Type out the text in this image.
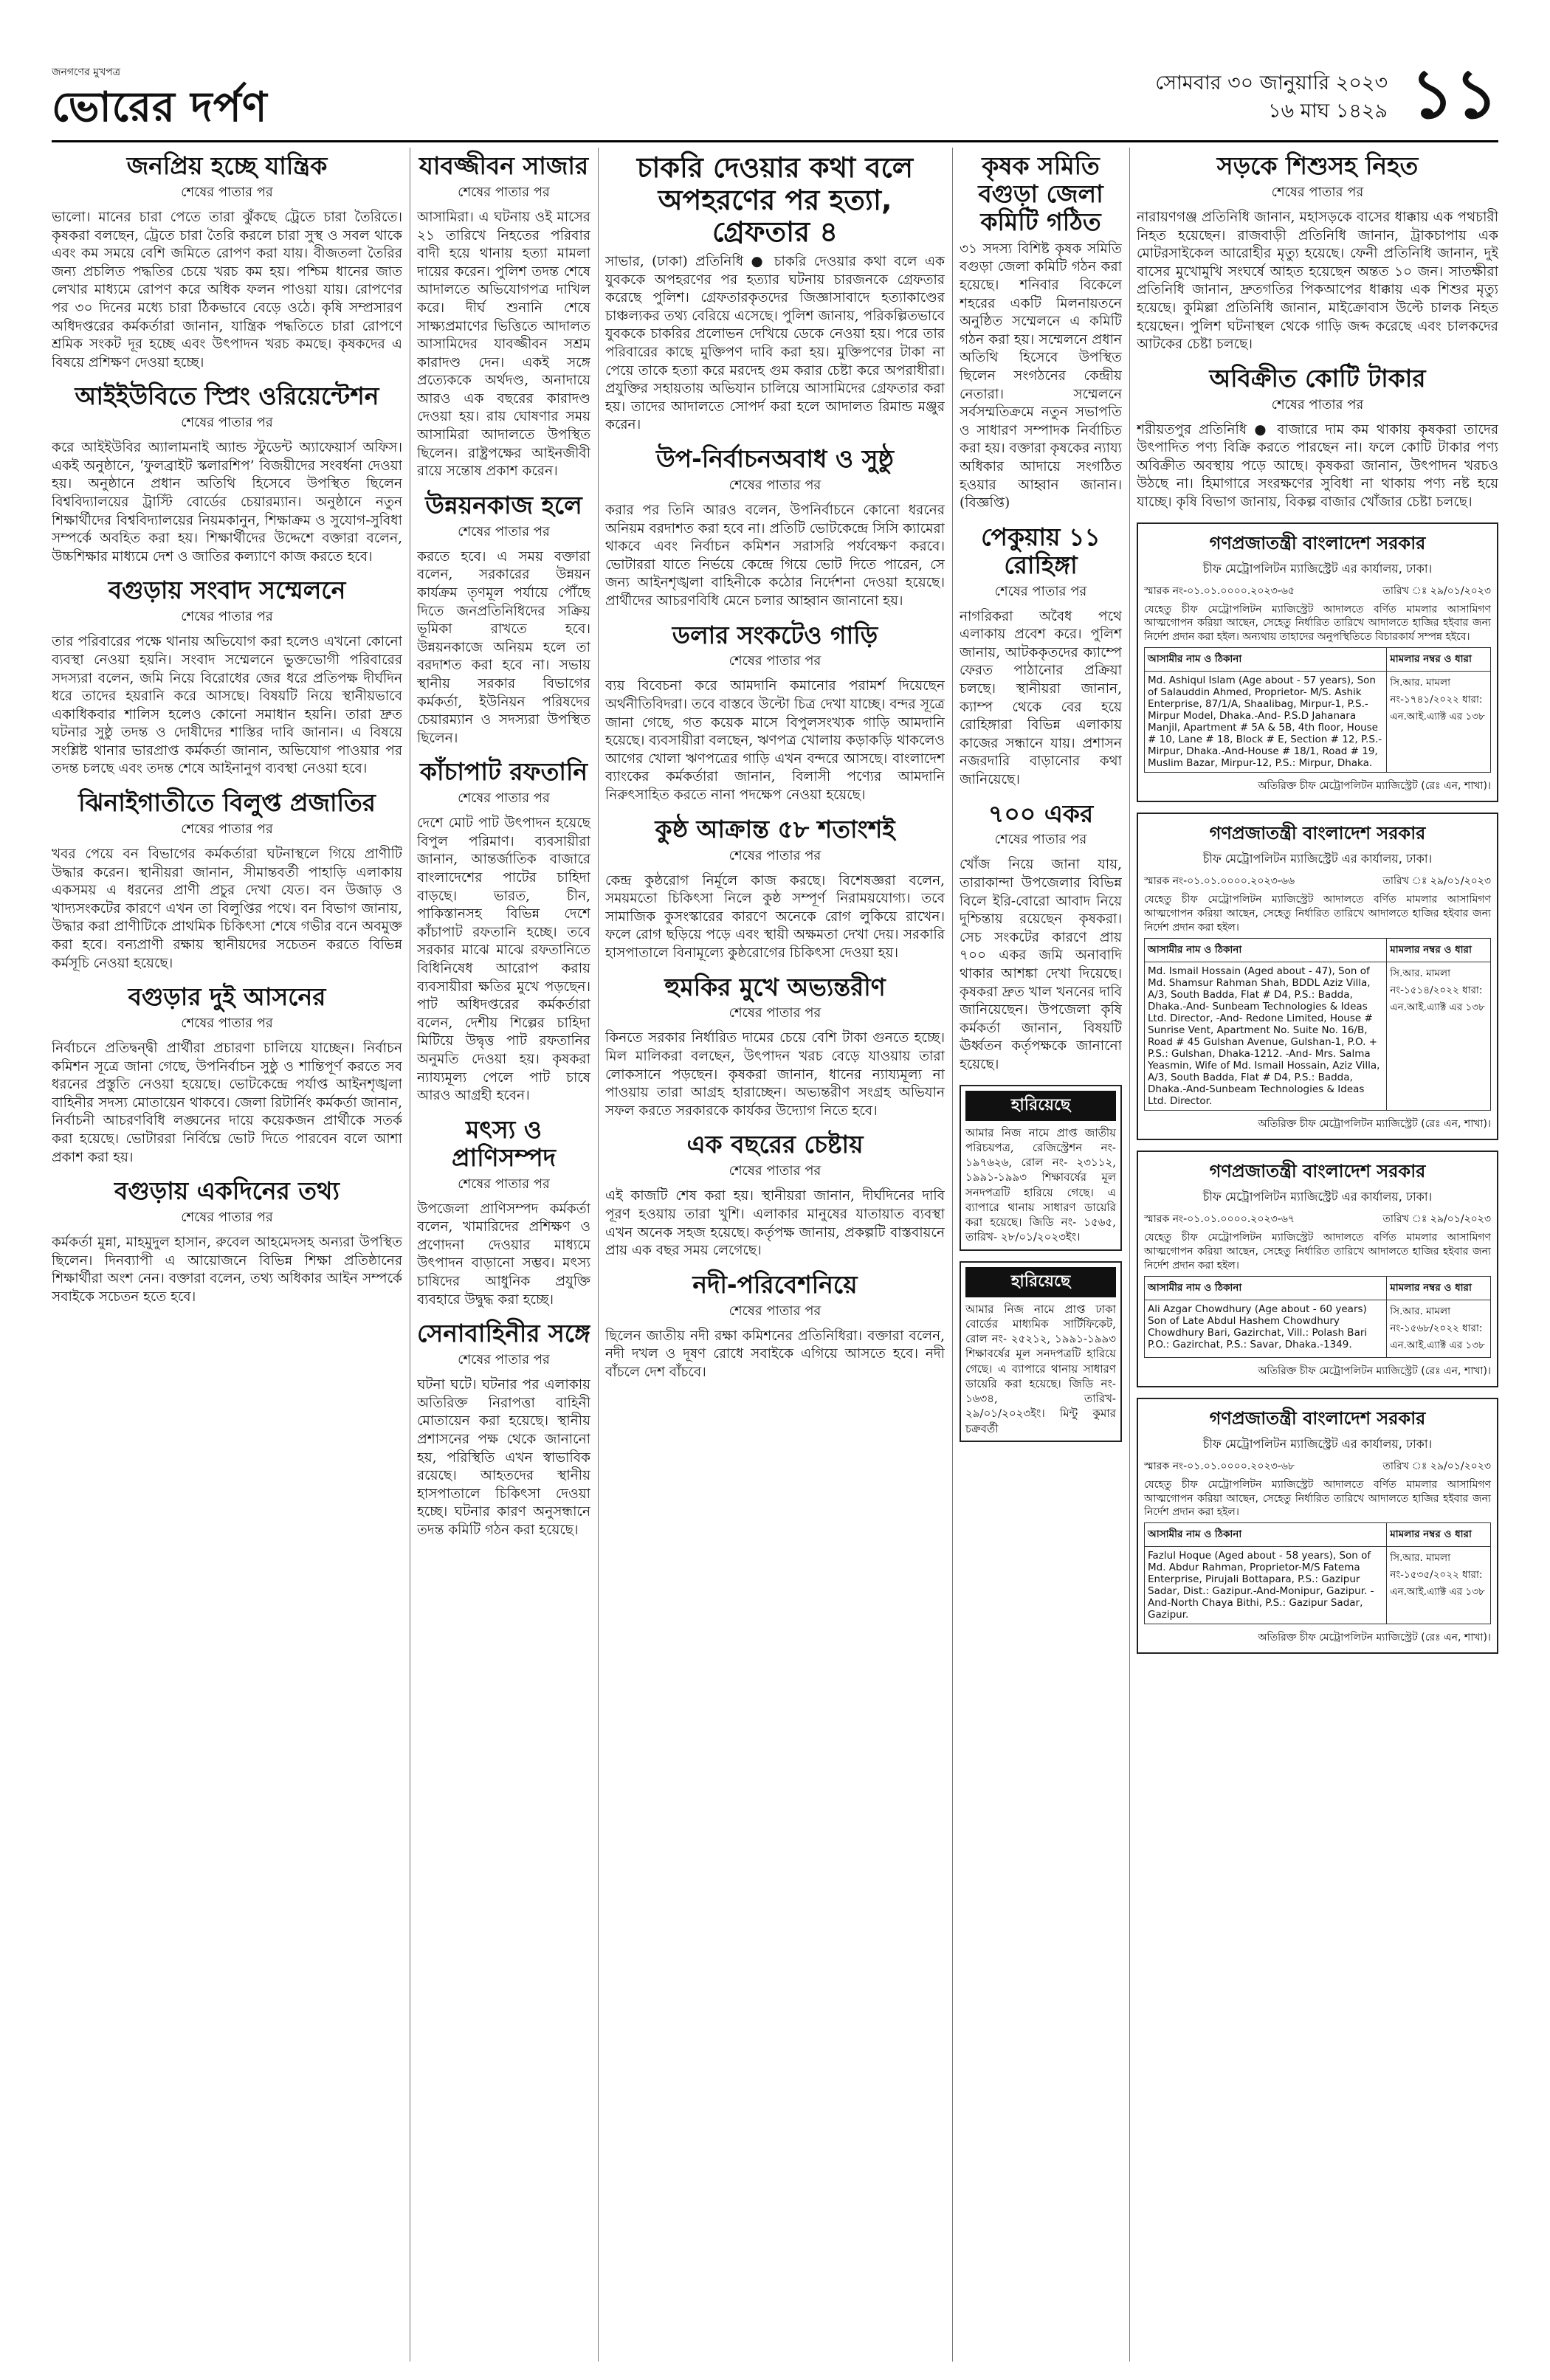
জনগণের মুখপত্র
ভোরের দর্পণ
সোমবার ৩০ জানুয়ারি ২০২৩
১৬ মাঘ ১৪২৯ ১১
জনপ্রিয় হচ্ছে যান্ত্রিক
শেষের পাতার পর

ভালো। মানের চারা পেতে তারা ঝুঁকছে ট্রেতে চারা তৈরিতে। কৃষকরা বলছেন, ট্রেতে চারা তৈরি করলে চারা সুস্থ ও সবল থাকে এবং কম সময়ে বেশি জমিতে রোপণ করা যায়। বীজতলা তৈরির জন্য প্রচলিত পদ্ধতির চেয়ে খরচ কম হয়। পশ্চিম ধানের জাত লেখার মাধ্যমে রোপণ করে অধিক ফলন পাওয়া যায়। রোপণের পর ৩০ দিনের মধ্যে চারা ঠিকভাবে বেড়ে ওঠে। কৃষি সম্প্রসারণ অধিদপ্তরের কর্মকর্তারা জানান, যান্ত্রিক পদ্ধতিতে চারা রোপণে শ্রমিক সংকট দূর হচ্ছে এবং উৎপাদন খরচ কমছে। কৃষকদের এ বিষয়ে প্রশিক্ষণ দেওয়া হচ্ছে।

আইইউবিতে স্প্রিং ওরিয়েন্টেশন
শেষের পাতার পর

করে আইইউবির অ্যালামনাই অ্যান্ড স্টুডেন্ট অ্যাফেয়ার্স অফিস। একই অনুষ্ঠানে, ‘ফুলব্রাইট স্কলারশিপ’ বিজয়ীদের সংবর্ধনা দেওয়া হয়। অনুষ্ঠানে প্রধান অতিথি হিসেবে উপস্থিত ছিলেন বিশ্ববিদ্যালয়ের ট্রাস্টি বোর্ডের চেয়ারম্যান। অনুষ্ঠানে নতুন শিক্ষার্থীদের বিশ্ববিদ্যালয়ের নিয়মকানুন, শিক্ষাক্রম ও সুযোগ-সুবিধা সম্পর্কে অবহিত করা হয়। শিক্ষার্থীদের উদ্দেশে বক্তারা বলেন, উচ্চশিক্ষার মাধ্যমে দেশ ও জাতির কল্যাণে কাজ করতে হবে।

বগুড়ায় সংবাদ সম্মেলনে
শেষের পাতার পর

তার পরিবারের পক্ষে থানায় অভিযোগ করা হলেও এখনো কোনো ব্যবস্থা নেওয়া হয়নি। সংবাদ সম্মেলনে ভুক্তভোগী পরিবারের সদস্যরা বলেন, জমি নিয়ে বিরোধের জের ধরে প্রতিপক্ষ দীর্ঘদিন ধরে তাদের হয়রানি করে আসছে। বিষয়টি নিয়ে স্থানীয়ভাবে একাধিকবার শালিস হলেও কোনো সমাধান হয়নি। তারা দ্রুত ঘটনার সুষ্ঠু তদন্ত ও দোষীদের শাস্তির দাবি জানান। এ বিষয়ে সংশ্লিষ্ট থানার ভারপ্রাপ্ত কর্মকর্তা জানান, অভিযোগ পাওয়ার পর তদন্ত চলছে এবং তদন্ত শেষে আইনানুগ ব্যবস্থা নেওয়া হবে।

ঝিনাইগাতীতে বিলুপ্ত প্রজাতির
শেষের পাতার পর

খবর পেয়ে বন বিভাগের কর্মকর্তারা ঘটনাস্থলে গিয়ে প্রাণীটি উদ্ধার করেন। স্থানীয়রা জানান, সীমান্তবর্তী পাহাড়ি এলাকায় একসময় এ ধরনের প্রাণী প্রচুর দেখা যেত। বন উজাড় ও খাদ্যসংকটের কারণে এখন তা বিলুপ্তির পথে। বন বিভাগ জানায়, উদ্ধার করা প্রাণীটিকে প্রাথমিক চিকিৎসা শেষে গভীর বনে অবমুক্ত করা হবে। বন্যপ্রাণী রক্ষায় স্থানীয়দের সচেতন করতে বিভিন্ন কর্মসূচি নেওয়া হয়েছে।

বগুড়ার দুই আসনের
শেষের পাতার পর

নির্বাচনে প্রতিদ্বন্দ্বী প্রার্থীরা প্রচারণা চালিয়ে যাচ্ছেন। নির্বাচন কমিশন সূত্রে জানা গেছে, উপনির্বাচন সুষ্ঠু ও শান্তিপূর্ণ করতে সব ধরনের প্রস্তুতি নেওয়া হয়েছে। ভোটকেন্দ্রে পর্যাপ্ত আইনশৃঙ্খলা বাহিনীর সদস্য মোতায়েন থাকবে। জেলা রিটার্নিং কর্মকর্তা জানান, নির্বাচনী আচরণবিধি লঙ্ঘনের দায়ে কয়েকজন প্রার্থীকে সতর্ক করা হয়েছে। ভোটাররা নির্বিঘ্নে ভোট দিতে পারবেন বলে আশা প্রকাশ করা হয়।

বগুড়ায় একদিনের তথ্য
শেষের পাতার পর

কর্মকর্তা মুন্না, মাহমুদুল হাসান, রুবেল আহমেদসহ অন্যরা উপস্থিত ছিলেন। দিনব্যাপী এ আয়োজনে বিভিন্ন শিক্ষা প্রতিষ্ঠানের শিক্ষার্থীরা অংশ নেন। বক্তারা বলেন, তথ্য অধিকার আইন সম্পর্কে সবাইকে সচেতন হতে হবে।

যাবজ্জীবন সাজার
শেষের পাতার পর

আসামিরা। এ ঘটনায় ওই মাসের ২১ তারিখে নিহতের পরিবার বাদী হয়ে থানায় হত্যা মামলা দায়ের করেন। পুলিশ তদন্ত শেষে আদালতে অভিযোগপত্র দাখিল করে। দীর্ঘ শুনানি শেষে সাক্ষ্যপ্রমাণের ভিত্তিতে আদালত আসামিদের যাবজ্জীবন সশ্রম কারাদণ্ড দেন। একই সঙ্গে প্রত্যেককে অর্থদণ্ড, অনাদায়ে আরও এক বছরের কারাদণ্ড দেওয়া হয়। রায় ঘোষণার সময় আসামিরা আদালতে উপস্থিত ছিলেন। রাষ্ট্রপক্ষের আইনজীবী রায়ে সন্তোষ প্রকাশ করেন।

উন্নয়নকাজ হলে
শেষের পাতার পর

করতে হবে। এ সময় বক্তারা বলেন, সরকারের উন্নয়ন কার্যক্রম তৃণমূল পর্যায়ে পৌঁছে দিতে জনপ্রতিনিধিদের সক্রিয় ভূমিকা রাখতে হবে। উন্নয়নকাজে অনিয়ম হলে তা বরদাশত করা হবে না। সভায় স্থানীয় সরকার বিভাগের কর্মকর্তা, ইউনিয়ন পরিষদের চেয়ারম্যান ও সদস্যরা উপস্থিত ছিলেন।

কাঁচাপাট রফতানি
শেষের পাতার পর

দেশে মোট পাট উৎপাদন হয়েছে বিপুল পরিমাণ। ব্যবসায়ীরা জানান, আন্তর্জাতিক বাজারে বাংলাদেশের পাটের চাহিদা বাড়ছে। ভারত, চীন, পাকিস্তানসহ বিভিন্ন দেশে কাঁচাপাট রফতানি হচ্ছে। তবে সরকার মাঝে মাঝে রফতানিতে বিধিনিষেধ আরোপ করায় ব্যবসায়ীরা ক্ষতির মুখে পড়ছেন। পাট অধিদপ্তরের কর্মকর্তারা বলেন, দেশীয় শিল্পের চাহিদা মিটিয়ে উদ্বৃত্ত পাট রফতানির অনুমতি দেওয়া হয়। কৃষকরা ন্যায্যমূল্য পেলে পাট চাষে আরও আগ্রহী হবেন।

মৎস্য ও প্রাণিসম্পদ
শেষের পাতার পর

উপজেলা প্রাণিসম্পদ কর্মকর্তা বলেন, খামারিদের প্রশিক্ষণ ও প্রণোদনা দেওয়ার মাধ্যমে উৎপাদন বাড়ানো সম্ভব। মৎস্য চাষিদের আধুনিক প্রযুক্তি ব্যবহারে উদ্বুদ্ধ করা হচ্ছে।

সেনাবাহিনীর সঙ্গে
শেষের পাতার পর

ঘটনা ঘটে। ঘটনার পর এলাকায় অতিরিক্ত নিরাপত্তা বাহিনী মোতায়েন করা হয়েছে। স্থানীয় প্রশাসনের পক্ষ থেকে জানানো হয়, পরিস্থিতি এখন স্বাভাবিক রয়েছে। আহতদের স্থানীয় হাসপাতালে চিকিৎসা দেওয়া হচ্ছে। ঘটনার কারণ অনুসন্ধানে তদন্ত কমিটি গঠন করা হয়েছে।

চাকরি দেওয়ার কথা বলে অপহরণের পর হত্যা, গ্রেফতার ৪

সাভার, (ঢাকা) প্রতিনিধি ● চাকরি দেওয়ার কথা বলে এক যুবককে অপহরণের পর হত্যার ঘটনায় চারজনকে গ্রেফতার করেছে পুলিশ। গ্রেফতারকৃতদের জিজ্ঞাসাবাদে হত্যাকাণ্ডের চাঞ্চল্যকর তথ্য বেরিয়ে এসেছে। পুলিশ জানায়, পরিকল্পিতভাবে যুবককে চাকরির প্রলোভন দেখিয়ে ডেকে নেওয়া হয়। পরে তার পরিবারের কাছে মুক্তিপণ দাবি করা হয়। মুক্তিপণের টাকা না পেয়ে তাকে হত্যা করে মরদেহ গুম করার চেষ্টা করে অপরাধীরা। প্রযুক্তির সহায়তায় অভিযান চালিয়ে আসামিদের গ্রেফতার করা হয়। তাদের আদালতে সোপর্দ করা হলে আদালত রিমান্ড মঞ্জুর করেন।

উপ-নির্বাচনঅবাধ ও সুষ্ঠু
শেষের পাতার পর

করার পর তিনি আরও বলেন, উপনির্বাচনে কোনো ধরনের অনিয়ম বরদাশত করা হবে না। প্রতিটি ভোটকেন্দ্রে সিসি ক্যামেরা থাকবে এবং নির্বাচন কমিশন সরাসরি পর্যবেক্ষণ করবে। ভোটাররা যাতে নির্ভয়ে কেন্দ্রে গিয়ে ভোট দিতে পারেন, সে জন্য আইনশৃঙ্খলা বাহিনীকে কঠোর নির্দেশনা দেওয়া হয়েছে। প্রার্থীদের আচরণবিধি মেনে চলার আহ্বান জানানো হয়।

ডলার সংকটেও গাড়ি
শেষের পাতার পর

ব্যয় বিবেচনা করে আমদানি কমানোর পরামর্শ দিয়েছেন অর্থনীতিবিদরা। তবে বাস্তবে উল্টো চিত্র দেখা যাচ্ছে। বন্দর সূত্রে জানা গেছে, গত কয়েক মাসে বিপুলসংখ্যক গাড়ি আমদানি হয়েছে। ব্যবসায়ীরা বলছেন, ঋণপত্র খোলায় কড়াকড়ি থাকলেও আগের খোলা ঋণপত্রের গাড়ি এখন বন্দরে আসছে। বাংলাদেশ ব্যাংকের কর্মকর্তারা জানান, বিলাসী পণ্যের আমদানি নিরুৎসাহিত করতে নানা পদক্ষেপ নেওয়া হয়েছে।

কুষ্ঠ আক্রান্ত ৫৮ শতাংশই
শেষের পাতার পর

কেন্দ্র কুষ্ঠরোগ নির্মূলে কাজ করছে। বিশেষজ্ঞরা বলেন, সময়মতো চিকিৎসা নিলে কুষ্ঠ সম্পূর্ণ নিরাময়যোগ্য। তবে সামাজিক কুসংস্কারের কারণে অনেকে রোগ লুকিয়ে রাখেন। ফলে রোগ ছড়িয়ে পড়ে এবং স্থায়ী অক্ষমতা দেখা দেয়। সরকারি হাসপাতালে বিনামূল্যে কুষ্ঠরোগের চিকিৎসা দেওয়া হয়।

হুমকির মুখে অভ্যন্তরীণ
শেষের পাতার পর

কিনতে সরকার নির্ধারিত দামের চেয়ে বেশি টাকা গুনতে হচ্ছে। মিল মালিকরা বলছেন, উৎপাদন খরচ বেড়ে যাওয়ায় তারা লোকসানে পড়ছেন। কৃষকরা জানান, ধানের ন্যায্যমূল্য না পাওয়ায় তারা আগ্রহ হারাচ্ছেন। অভ্যন্তরীণ সংগ্রহ অভিযান সফল করতে সরকারকে কার্যকর উদ্যোগ নিতে হবে।

এক বছরের চেষ্টায়
শেষের পাতার পর

এই কাজটি শেষ করা হয়। স্থানীয়রা জানান, দীর্ঘদিনের দাবি পূরণ হওয়ায় তারা খুশি। এলাকার মানুষের যাতায়াত ব্যবস্থা এখন অনেক সহজ হয়েছে। কর্তৃপক্ষ জানায়, প্রকল্পটি বাস্তবায়নে প্রায় এক বছর সময় লেগেছে।

নদী-পরিবেশনিয়ে
শেষের পাতার পর

ছিলেন জাতীয় নদী রক্ষা কমিশনের প্রতিনিধিরা। বক্তারা বলেন, নদী দখল ও দূষণ রোধে সবাইকে এগিয়ে আসতে হবে। নদী বাঁচলে দেশ বাঁচবে।

কৃষক সমিতি বগুড়া জেলা কমিটি গঠিত

৩১ সদস্য বিশিষ্ট কৃষক সমিতি বগুড়া জেলা কমিটি গঠন করা হয়েছে। শনিবার বিকেলে শহরের একটি মিলনায়তনে অনুষ্ঠিত সম্মেলনে এ কমিটি গঠন করা হয়। সম্মেলনে প্রধান অতিথি হিসেবে উপস্থিত ছিলেন সংগঠনের কেন্দ্রীয় নেতারা। সম্মেলনে সর্বসম্মতিক্রমে নতুন সভাপতি ও সাধারণ সম্পাদক নির্বাচিত করা হয়। বক্তারা কৃষকের ন্যায্য অধিকার আদায়ে সংগঠিত হওয়ার আহ্বান জানান। (বিজ্ঞপ্তি)

পেকুয়ায় ১১ রোহিঙ্গা
শেষের পাতার পর

নাগরিকরা অবৈধ পথে এলাকায় প্রবেশ করে। পুলিশ জানায়, আটককৃতদের ক্যাম্পে ফেরত পাঠানোর প্রক্রিয়া চলছে। স্থানীয়রা জানান, ক্যাম্প থেকে বের হয়ে রোহিঙ্গারা বিভিন্ন এলাকায় কাজের সন্ধানে যায়। প্রশাসন নজরদারি বাড়ানোর কথা জানিয়েছে।

৭০০ একর
শেষের পাতার পর

খোঁজ নিয়ে জানা যায়, তারাকান্দা উপজেলার বিভিন্ন বিলে ইরি-বোরো আবাদ নিয়ে দুশ্চিন্তায় রয়েছেন কৃষকরা। সেচ সংকটের কারণে প্রায় ৭০০ একর জমি অনাবাদি থাকার আশঙ্কা দেখা দিয়েছে। কৃষকরা দ্রুত খাল খননের দাবি জানিয়েছেন। উপজেলা কৃষি কর্মকর্তা জানান, বিষয়টি ঊর্ধ্বতন কর্তৃপক্ষকে জানানো হয়েছে।

হারিয়েছে
আমার নিজ নামে প্রাপ্ত জাতীয় পরিচয়পত্র, রেজিস্ট্রেশন নং- ১৯৭৬২৬, রোল নং- ২৩১১২, ১৯৯১-১৯৯৩ শিক্ষাবর্ষের মূল সনদপত্রটি হারিয়ে গেছে। এ ব্যাপারে থানায় সাধারণ ডায়েরি করা হয়েছে। জিডি নং- ১৫৬৫, তারিখ- ২৮/০১/২০২৩ইং।
হারিয়েছে
আমার নিজ নামে প্রাপ্ত ঢাকা বোর্ডের মাধ্যমিক সার্টিফিকেট, রোল নং- ২৫২১২, ১৯৯১-১৯৯৩ শিক্ষাবর্ষের মূল সনদপত্রটি হারিয়ে গেছে। এ ব্যাপারে থানায় সাধারণ ডায়েরি করা হয়েছে। জিডি নং- ১৬৩৪, তারিখ- ২৯/০১/২০২৩ইং। মিন্টু কুমার চক্রবর্তী
সড়কে শিশুসহ নিহত
শেষের পাতার পর

নারায়ণগঞ্জ প্রতিনিধি জানান, মহাসড়কে বাসের ধাক্কায় এক পথচারী নিহত হয়েছেন। রাজবাড়ী প্রতিনিধি জানান, ট্রাকচাপায় এক মোটরসাইকেল আরোহীর মৃত্যু হয়েছে। ফেনী প্রতিনিধি জানান, দুই বাসের মুখোমুখি সংঘর্ষে আহত হয়েছেন অন্তত ১০ জন। সাতক্ষীরা প্রতিনিধি জানান, দ্রুতগতির পিকআপের ধাক্কায় এক শিশুর মৃত্যু হয়েছে। কুমিল্লা প্রতিনিধি জানান, মাইক্রোবাস উল্টে চালক নিহত হয়েছেন। পুলিশ ঘটনাস্থল থেকে গাড়ি জব্দ করেছে এবং চালকদের আটকের চেষ্টা চলছে।

অবিক্রীত কোটি টাকার
শেষের পাতার পর

শরীয়তপুর প্রতিনিধি ● বাজারে দাম কম থাকায় কৃষকরা তাদের উৎপাদিত পণ্য বিক্রি করতে পারছেন না। ফলে কোটি টাকার পণ্য অবিক্রীত অবস্থায় পড়ে আছে। কৃষকরা জানান, উৎপাদন খরচও উঠছে না। হিমাগারে সংরক্ষণের সুবিধা না থাকায় পণ্য নষ্ট হয়ে যাচ্ছে। কৃষি বিভাগ জানায়, বিকল্প বাজার খোঁজার চেষ্টা চলছে।

গণপ্রজাতন্ত্রী বাংলাদেশ সরকার
চীফ মেট্রোপলিটন ম্যাজিস্ট্রেট এর কার্যালয়, ঢাকা।
স্মারক নং-০১.০১.০০০০.২০২৩-৬৫	তারিখ ঃ ২৯/০১/২০২৩
যেহেতু চীফ মেট্রোপলিটন ম্যাজিস্ট্রেট আদালতে বর্ণিত মামলার আসামিগণ আত্মগোপন করিয়া আছেন, সেহেতু নির্ধারিত তারিখে আদালতে হাজির হইবার জন্য নির্দেশ প্রদান করা হইল। অন্যথায় তাহাদের অনুপস্থিতিতে বিচারকার্য সম্পন্ন হইবে।
আসামীর নাম ও ঠিকানা	মামলার নম্বর ও ধারা
Md. Ashiqul Islam (Age about - 57 years), Son of Salauddin Ahmed, Proprietor- M/S. Ashik Enterprise, 87/1/A, Shaalibag, Mirpur-1, P.S.- Mirpur Model, Dhaka.-And- P.S.D Jahanara Manjil, Apartment # 5A & 5B, 4th floor, House # 10, Lane # 18, Block # E, Section # 12, P.S.- Mirpur, Dhaka.-And-House # 18/1, Road # 19, Muslim Bazar, Mirpur-12, P.S.: Mirpur, Dhaka.	সি.আর. মামলা নং-১৭৪১/২০২২ ধারা: এন.আই.এ্যাক্ট এর ১৩৮
অতিরিক্ত চীফ মেট্রোপলিটন ম্যাজিস্ট্রেট (রেঃ এন, শাখা)।
গণপ্রজাতন্ত্রী বাংলাদেশ সরকার
চীফ মেট্রোপলিটন ম্যাজিস্ট্রেট এর কার্যালয়, ঢাকা।
স্মারক নং-০১.০১.০০০০.২০২৩-৬৬	তারিখ ঃ ২৯/০১/২০২৩
যেহেতু চীফ মেট্রোপলিটন ম্যাজিস্ট্রেট আদালতে বর্ণিত মামলার আসামিগণ আত্মগোপন করিয়া আছেন, সেহেতু নির্ধারিত তারিখে আদালতে হাজির হইবার জন্য নির্দেশ প্রদান করা হইল।
আসামীর নাম ও ঠিকানা	মামলার নম্বর ও ধারা
Md. Ismail Hossain (Aged about - 47), Son of Md. Shamsur Rahman Shah, BDDL Aziz Villa, A/3, South Badda, Flat # D4, P.S.: Badda, Dhaka.-And- Sunbeam Technologies & Ideas Ltd. Director, -And- Redone Limited, House # Sunrise Vent, Apartment No. Suite No. 16/B, Road # 45 Gulshan Avenue, Gulshan-1, P.O. + P.S.: Gulshan, Dhaka-1212. -And- Mrs. Salma Yeasmin, Wife of Md. Ismail Hossain, Aziz Villa, A/3, South Badda, Flat # D4, P.S.: Badda, Dhaka.-And-Sunbeam Technologies & Ideas Ltd. Director.	সি.আর. মামলা নং-১৫১৪/২০২২ ধারা: এন.আই.এ্যাক্ট এর ১৩৮
অতিরিক্ত চীফ মেট্রোপলিটন ম্যাজিস্ট্রেট (রেঃ এন, শাখা)।
গণপ্রজাতন্ত্রী বাংলাদেশ সরকার
চীফ মেট্রোপলিটন ম্যাজিস্ট্রেট এর কার্যালয়, ঢাকা।
স্মারক নং-০১.০১.০০০০.২০২৩-৬৭	তারিখ ঃ ২৯/০১/২০২৩
যেহেতু চীফ মেট্রোপলিটন ম্যাজিস্ট্রেট আদালতে বর্ণিত মামলার আসামিগণ আত্মগোপন করিয়া আছেন, সেহেতু নির্ধারিত তারিখে আদালতে হাজির হইবার জন্য নির্দেশ প্রদান করা হইল।
আসামীর নাম ও ঠিকানা	মামলার নম্বর ও ধারা
Ali Azgar Chowdhury (Age about - 60 years) Son of Late Abdul Hashem Chowdhury Chowdhury Bari, Gazirchat, Vill.: Polash Bari P.O.: Gazirchat, P.S.: Savar, Dhaka.-1349.	সি.আর. মামলা নং-১৫৬৮/২০২২ ধারা: এন.আই.এ্যাক্ট এর ১৩৮
অতিরিক্ত চীফ মেট্রোপলিটন ম্যাজিস্ট্রেট (রেঃ এন, শাখা)।
গণপ্রজাতন্ত্রী বাংলাদেশ সরকার
চীফ মেট্রোপলিটন ম্যাজিস্ট্রেট এর কার্যালয়, ঢাকা।
স্মারক নং-০১.০১.০০০০.২০২৩-৬৮	তারিখ ঃ ২৯/০১/২০২৩
যেহেতু চীফ মেট্রোপলিটন ম্যাজিস্ট্রেট আদালতে বর্ণিত মামলার আসামিগণ আত্মগোপন করিয়া আছেন, সেহেতু নির্ধারিত তারিখে আদালতে হাজির হইবার জন্য নির্দেশ প্রদান করা হইল।
আসামীর নাম ও ঠিকানা	মামলার নম্বর ও ধারা
Fazlul Hoque (Aged about - 58 years), Son of Md. Abdur Rahman, Proprietor-M/S Fatema Enterprise, Pirujali Bottapara, P.S.: Gazipur Sadar, Dist.: Gazipur.-And-Monipur, Gazipur. -And-North Chaya Bithi, P.S.: Gazipur Sadar, Gazipur.	সি.আর. মামলা নং-১৫৩৫/২০২২ ধারা: এন.আই.এ্যাক্ট এর ১৩৮
অতিরিক্ত চীফ মেট্রোপলিটন ম্যাজিস্ট্রেট (রেঃ এন, শাখা)।
